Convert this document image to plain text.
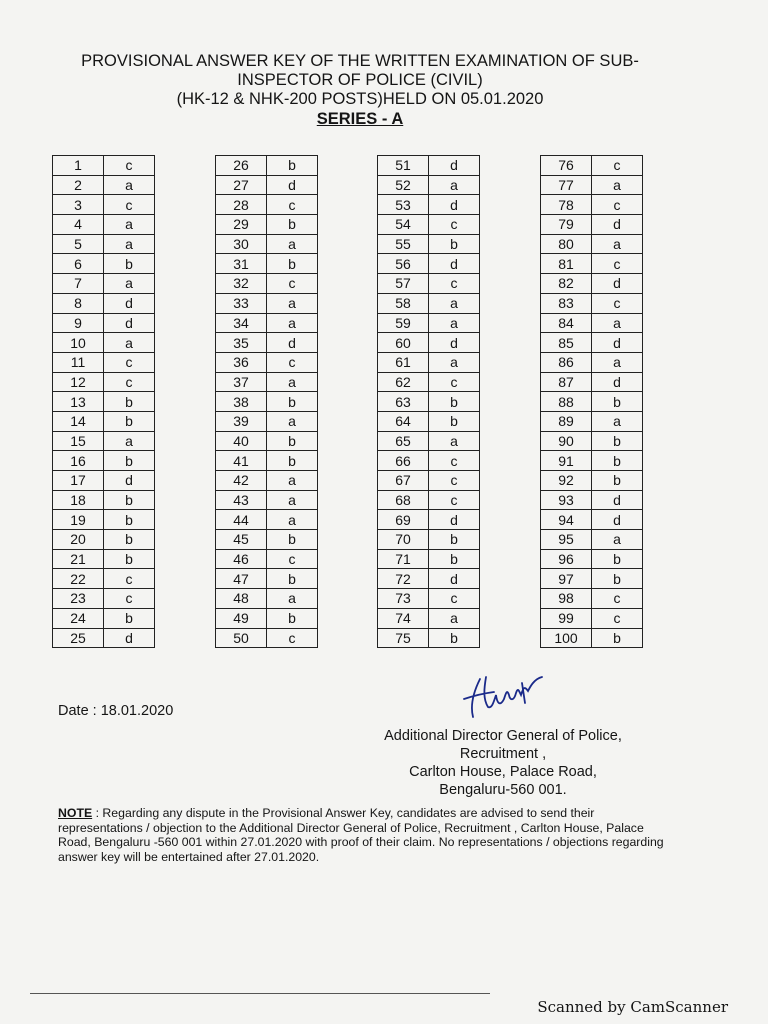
PROVISIONAL ANSWER KEY OF THE WRITTEN EXAMINATION OF SUB-
INSPECTOR OF POLICE (CIVIL)
(HK-12 & NHK-200 POSTS)HELD ON 05.01.2020
SERIES - A
1	c
2	a
3	c
4	a
5	a
6	b
7	a
8	d
9	d
10	a
11	c
12	c
13	b
14	b
15	a
16	b
17	d
18	b
19	b
20	b
21	b
22	c
23	c
24	b
25	d
26	b
27	d
28	c
29	b
30	a
31	b
32	c
33	a
34	a
35	d
36	c
37	a
38	b
39	a
40	b
41	b
42	a
43	a
44	a
45	b
46	c
47	b
48	a
49	b
50	c
51	d
52	a
53	d
54	c
55	b
56	d
57	c
58	a
59	a
60	d
61	a
62	c
63	b
64	b
65	a
66	c
67	c
68	c
69	d
70	b
71	b
72	d
73	c
74	a
75	b
76	c
77	a
78	c
79	d
80	a
81	c
82	d
83	c
84	a
85	d
86	a
87	d
88	b
89	a
90	b
91	b
92	b
93	d
94	d
95	a
96	b
97	b
98	c
99	c
100	b
Date : 18.01.2020
Additional Director General of Police,
Recruitment ,
Carlton House, Palace Road,
Bengaluru-560 001.
NOTE : Regarding any dispute in the Provisional Answer Key, candidates are advised to send their representations / objection to the Additional Director General of Police, Recruitment , Carlton House, Palace Road, Bengaluru -560 001 within 27.01.2020 with proof of their claim. No representations / objections regarding answer key will be entertained after 27.01.2020.
Scanned by CamScanner
